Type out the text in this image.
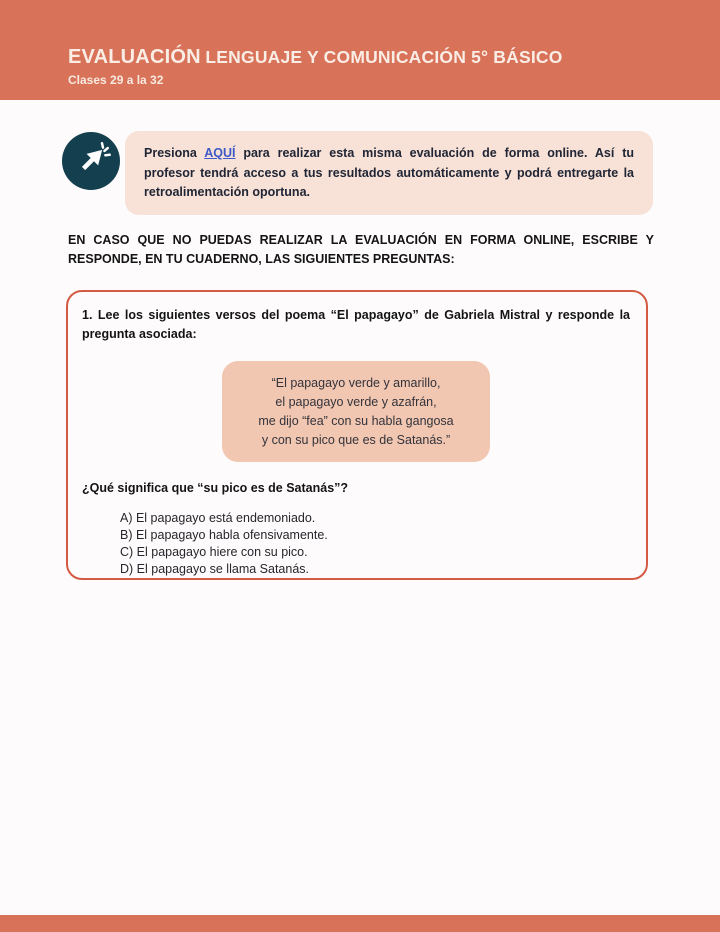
EVALUACIÓN LENGUAJE Y COMUNICACIÓN 5° BÁSICO
Clases 29 a la 32

Presiona AQUÍ para realizar esta misma evaluación de forma online. Así tu profesor tendrá acceso a tus resultados automáticamente y podrá entregarte la retroalimentación oportuna.

EN CASO QUE NO PUEDAS REALIZAR LA EVALUACIÓN EN FORMA ONLINE, ESCRIBE Y RESPONDE, EN TU CUADERNO, LAS SIGUIENTES PREGUNTAS:

1. Lee los siguientes versos del poema “El papagayo” de Gabriela Mistral y responde la pregunta asociada:

“El papagayo verde y amarillo,
el papagayo verde y azafrán,
me dijo “fea” con su habla gangosa
y con su pico que es de Satanás.”

¿Qué significa que “su pico es de Satanás”?

A) El papagayo está endemoniado.
B) El papagayo habla ofensivamente.
C) El papagayo hiere con su pico.
D) El papagayo se llama Satanás.
